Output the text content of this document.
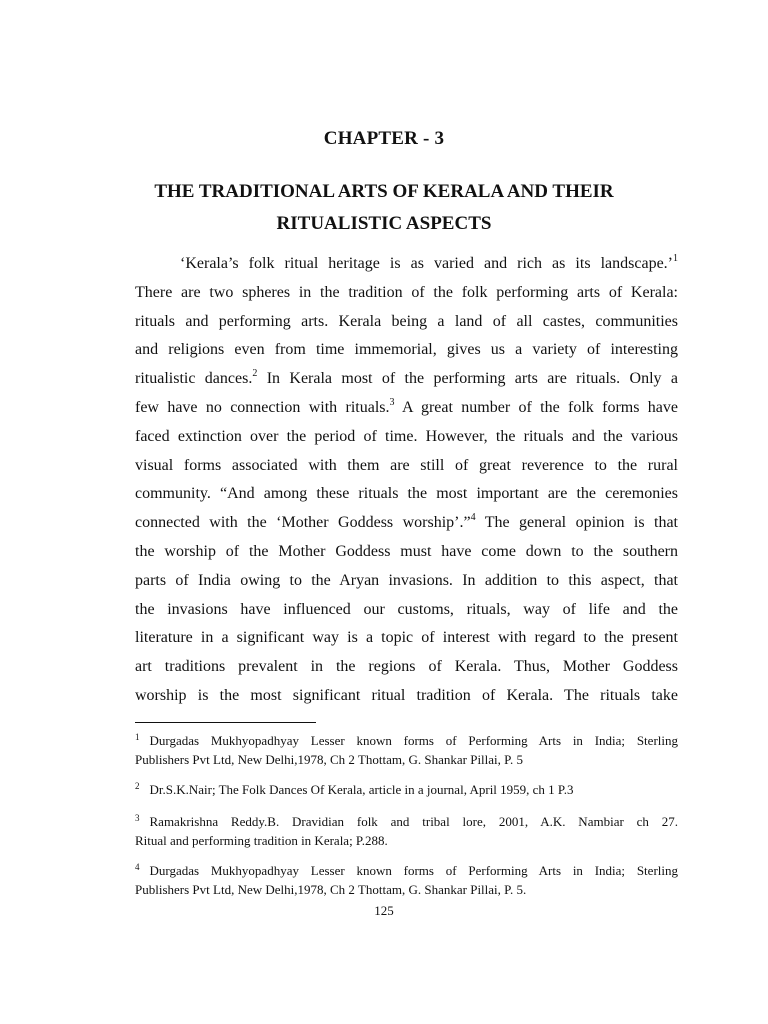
CHAPTER - 3
THE TRADITIONAL ARTS OF KERALA AND THEIR
RITUALISTIC ASPECTS
‘Kerala’s folk ritual heritage is as varied and rich as its landscape.’$^1$
There are two spheres in the tradition of the folk performing arts of Kerala:
rituals and performing arts. Kerala being a land of all castes, communities
and religions even from time immemorial, gives us a variety of interesting
ritualistic dances.$^2$ In Kerala most of the performing arts are rituals. Only a
few have no connection with rituals.$^3$ A great number of the folk forms have
faced extinction over the period of time. However, the rituals and the various
visual forms associated with them are still of great reverence to the rural
community. “And among these rituals the most important are the ceremonies
connected with the ‘Mother Goddess worship’.”$^4$ The general opinion is that
the worship of the Mother Goddess must have come down to the southern
parts of India owing to the Aryan invasions. In addition to this aspect, that
the invasions have influenced our customs, rituals, way of life and the
literature in a significant way is a topic of interest with regard to the present
art traditions prevalent in the regions of Kerala. Thus, Mother Goddess
worship is the most significant ritual tradition of Kerala. The rituals take
$^1$ Durgadas Mukhyopadhyay Lesser known forms of Performing Arts in India; Sterling
Publishers Pvt Ltd, New Delhi,1978, Ch 2 Thottam, G. Shankar Pillai, P. 5
$^2$ Dr.S.K.Nair; The Folk Dances Of Kerala, article in a journal, April 1959, ch 1 P.3
$^3$ Ramakrishna Reddy.B. Dravidian folk and tribal lore, 2001, A.K. Nambiar ch 27.
Ritual and performing tradition in Kerala; P.288.
$^4$ Durgadas Mukhyopadhyay Lesser known forms of Performing Arts in India; Sterling
Publishers Pvt Ltd, New Delhi,1978, Ch 2 Thottam, G. Shankar Pillai, P. 5.
125
